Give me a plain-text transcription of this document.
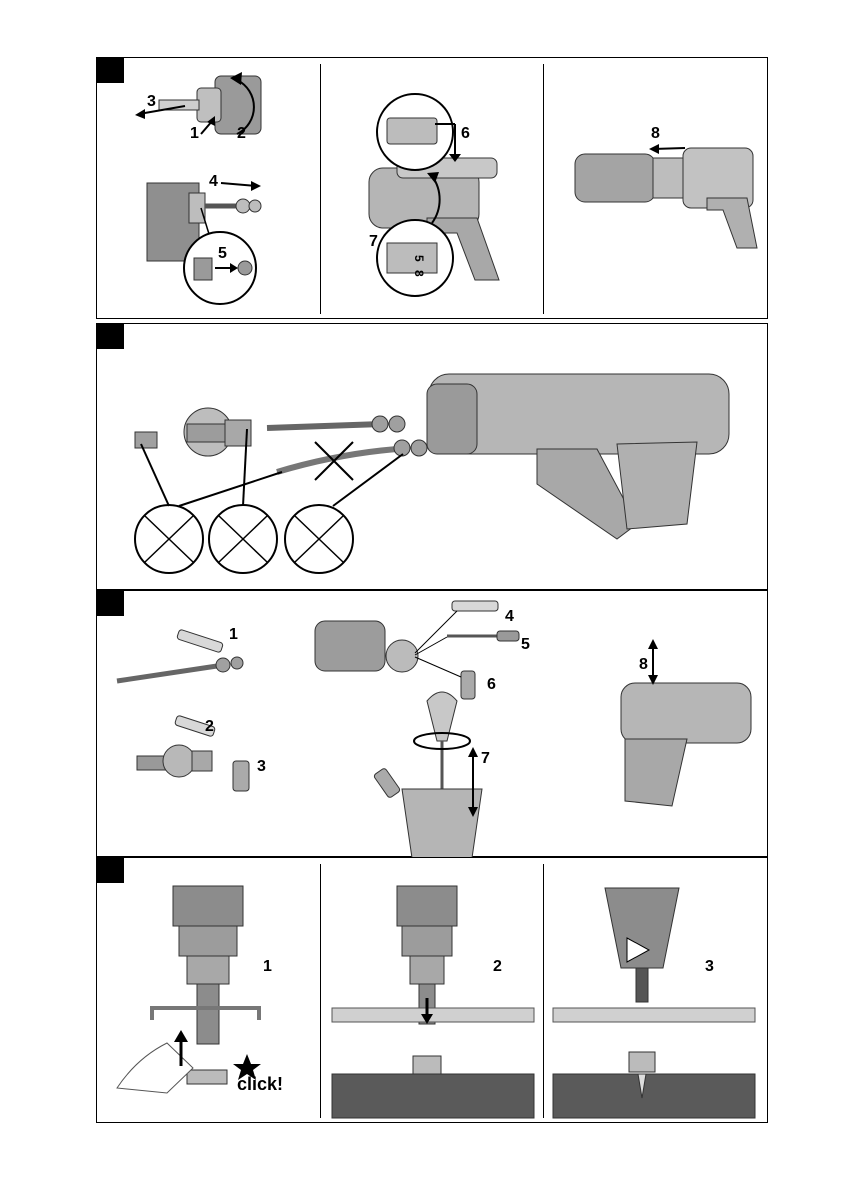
3
1 2
4
5	5
8
6
7
8
1
2
3
4
5
6
7
8
1
click!
2	3
